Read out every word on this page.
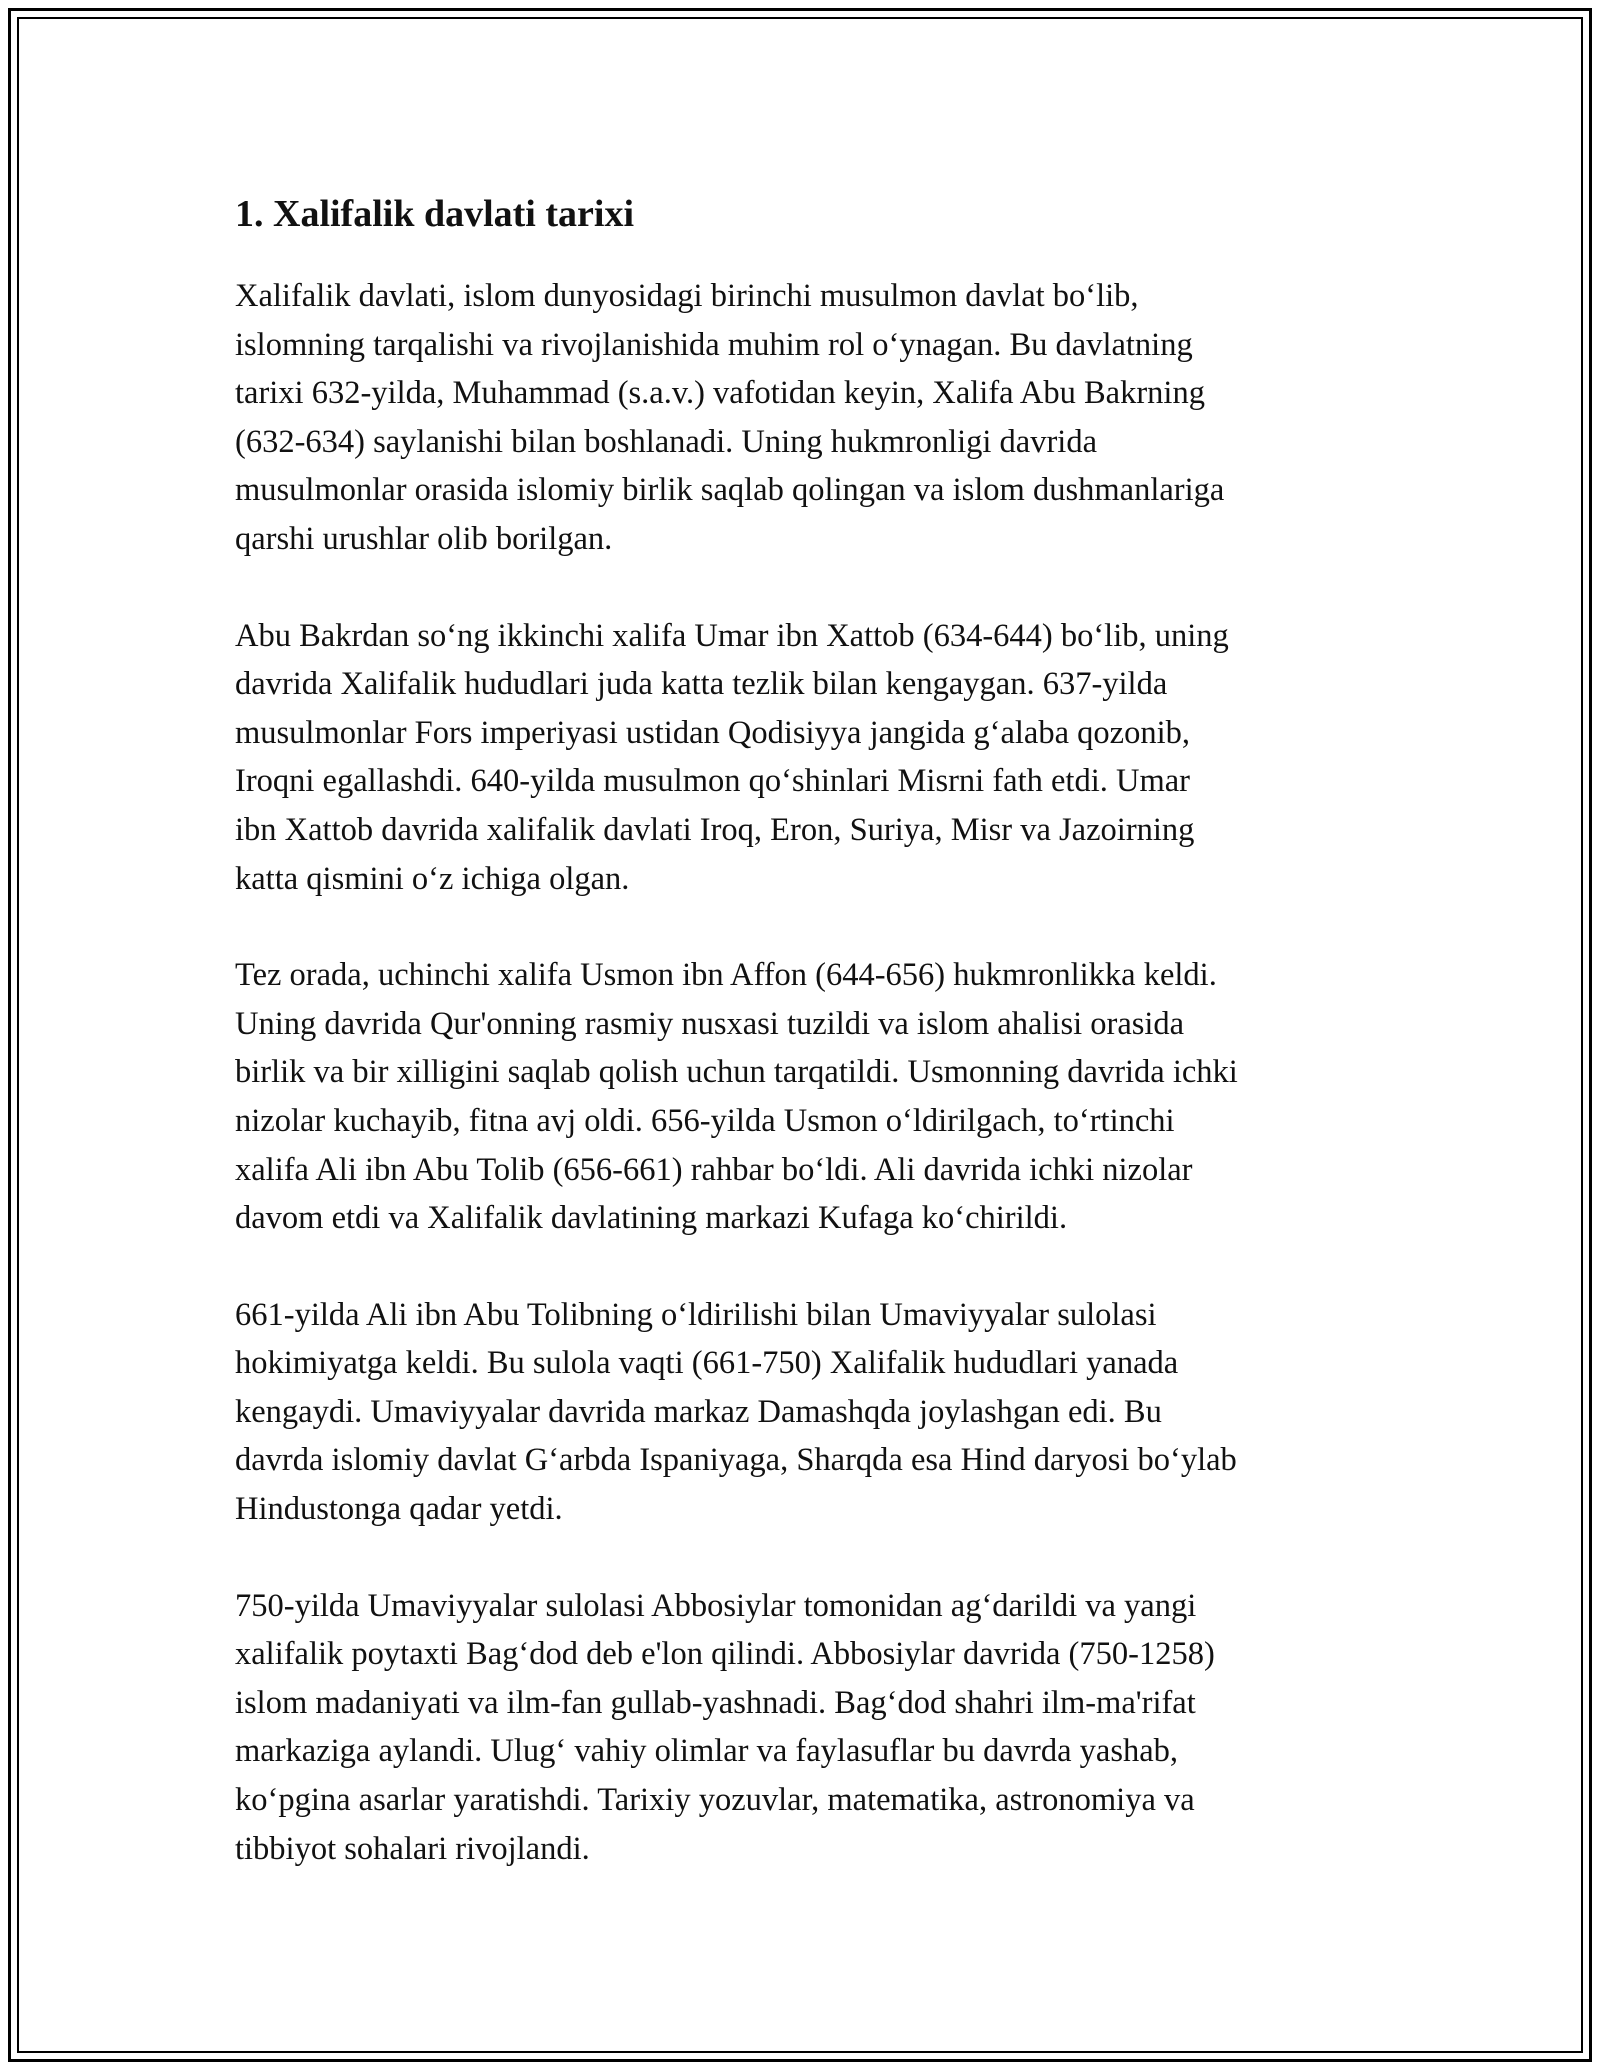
1. Xalifalik davlati tarixi

Xalifalik davlati, islom dunyosidagi birinchi musulmon davlat bo‘lib,
islomning tarqalishi va rivojlanishida muhim rol o‘ynagan. Bu davlatning
tarixi 632-yilda, Muhammad (s.a.v.) vafotidan keyin, Xalifa Abu Bakrning
(632-634) saylanishi bilan boshlanadi. Uning hukmronligi davrida
musulmonlar orasida islomiy birlik saqlab qolingan va islom dushmanlariga
qarshi urushlar olib borilgan.

Abu Bakrdan so‘ng ikkinchi xalifa Umar ibn Xattob (634-644) bo‘lib, uning
davrida Xalifalik hududlari juda katta tezlik bilan kengaygan. 637-yilda
musulmonlar Fors imperiyasi ustidan Qodisiyya jangida g‘alaba qozonib,
Iroqni egallashdi. 640-yilda musulmon qo‘shinlari Misrni fath etdi. Umar
ibn Xattob davrida xalifalik davlati Iroq, Eron, Suriya, Misr va Jazoirning
katta qismini o‘z ichiga olgan.

Tez orada, uchinchi xalifa Usmon ibn Affon (644-656) hukmronlikka keldi.
Uning davrida Qur'onning rasmiy nusxasi tuzildi va islom ahalisi orasida
birlik va bir xilligini saqlab qolish uchun tarqatildi. Usmonning davrida ichki
nizolar kuchayib, fitna avj oldi. 656-yilda Usmon o‘ldirilgach, to‘rtinchi
xalifa Ali ibn Abu Tolib (656-661) rahbar bo‘ldi. Ali davrida ichki nizolar
davom etdi va Xalifalik davlatining markazi Kufaga ko‘chirildi.

661-yilda Ali ibn Abu Tolibning o‘ldirilishi bilan Umaviyyalar sulolasi
hokimiyatga keldi. Bu sulola vaqti (661-750) Xalifalik hududlari yanada
kengaydi. Umaviyyalar davrida markaz Damashqda joylashgan edi. Bu
davrda islomiy davlat G‘arbda Ispaniyaga, Sharqda esa Hind daryosi bo‘ylab
Hindustonga qadar yetdi.

750-yilda Umaviyyalar sulolasi Abbosiylar tomonidan ag‘darildi va yangi
xalifalik poytaxti Bag‘dod deb e'lon qilindi. Abbosiylar davrida (750-1258)
islom madaniyati va ilm-fan gullab-yashnadi. Bag‘dod shahri ilm-ma'rifat
markaziga aylandi. Ulug‘ vahiy olimlar va faylasuflar bu davrda yashab,
ko‘pgina asarlar yaratishdi. Tarixiy yozuvlar, matematika, astronomiya va
tibbiyot sohalari rivojlandi.
